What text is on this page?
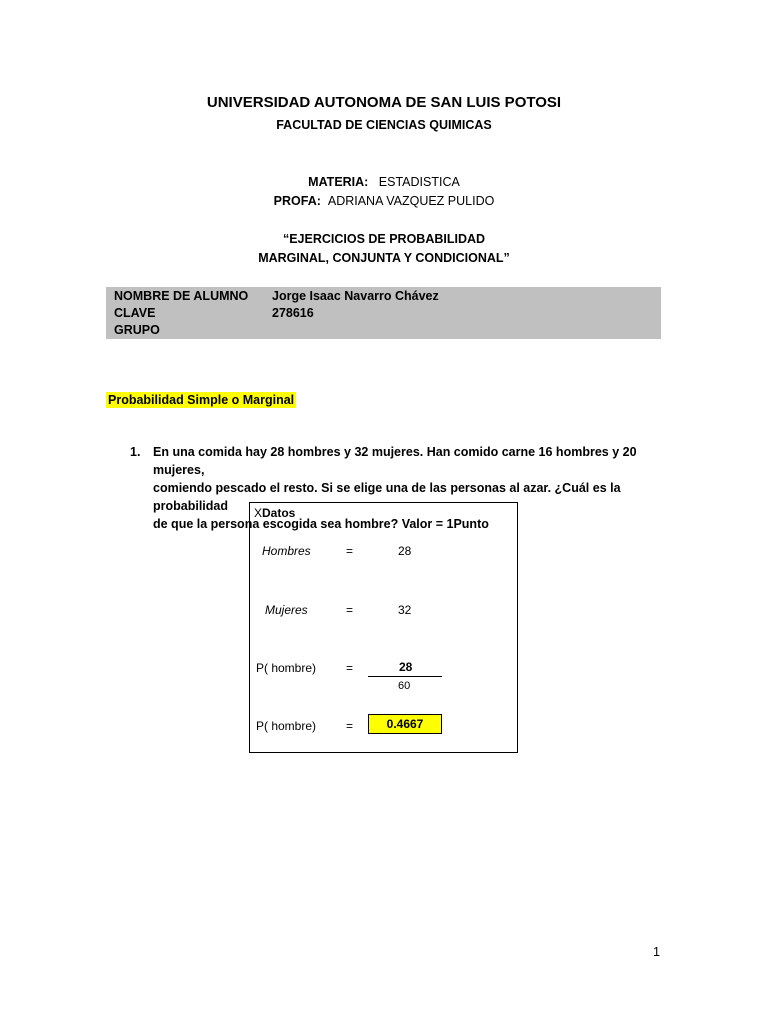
UNIVERSIDAD AUTONOMA DE SAN LUIS POTOSI
FACULTAD DE CIENCIAS QUIMICAS
MATERIA: ESTADISTICA
PROFA: ADRIANA VAZQUEZ PULIDO
“EJERCICIOS DE PROBABILIDAD
MARGINAL, CONJUNTA Y CONDICIONAL”
NOMBRE DE ALUMNO Jorge Isaac Navarro Chávez
CLAVE	278616
GRUPO
Probabilidad Simple o Marginal
1. En una comida hay 28 hombres y 32 mujeres. Han comido carne 16 hombres y 20 mujeres,
comiendo pescado el resto. Si se elige una de las personas al azar. ¿Cuál es la probabilidad
de que la persona escogida sea hombre? Valor = 1Punto
XDatos
Hombres	=	28
Mujeres	=	32
P( hombre) =	28
60
P( hombre) =	0.4667
1
